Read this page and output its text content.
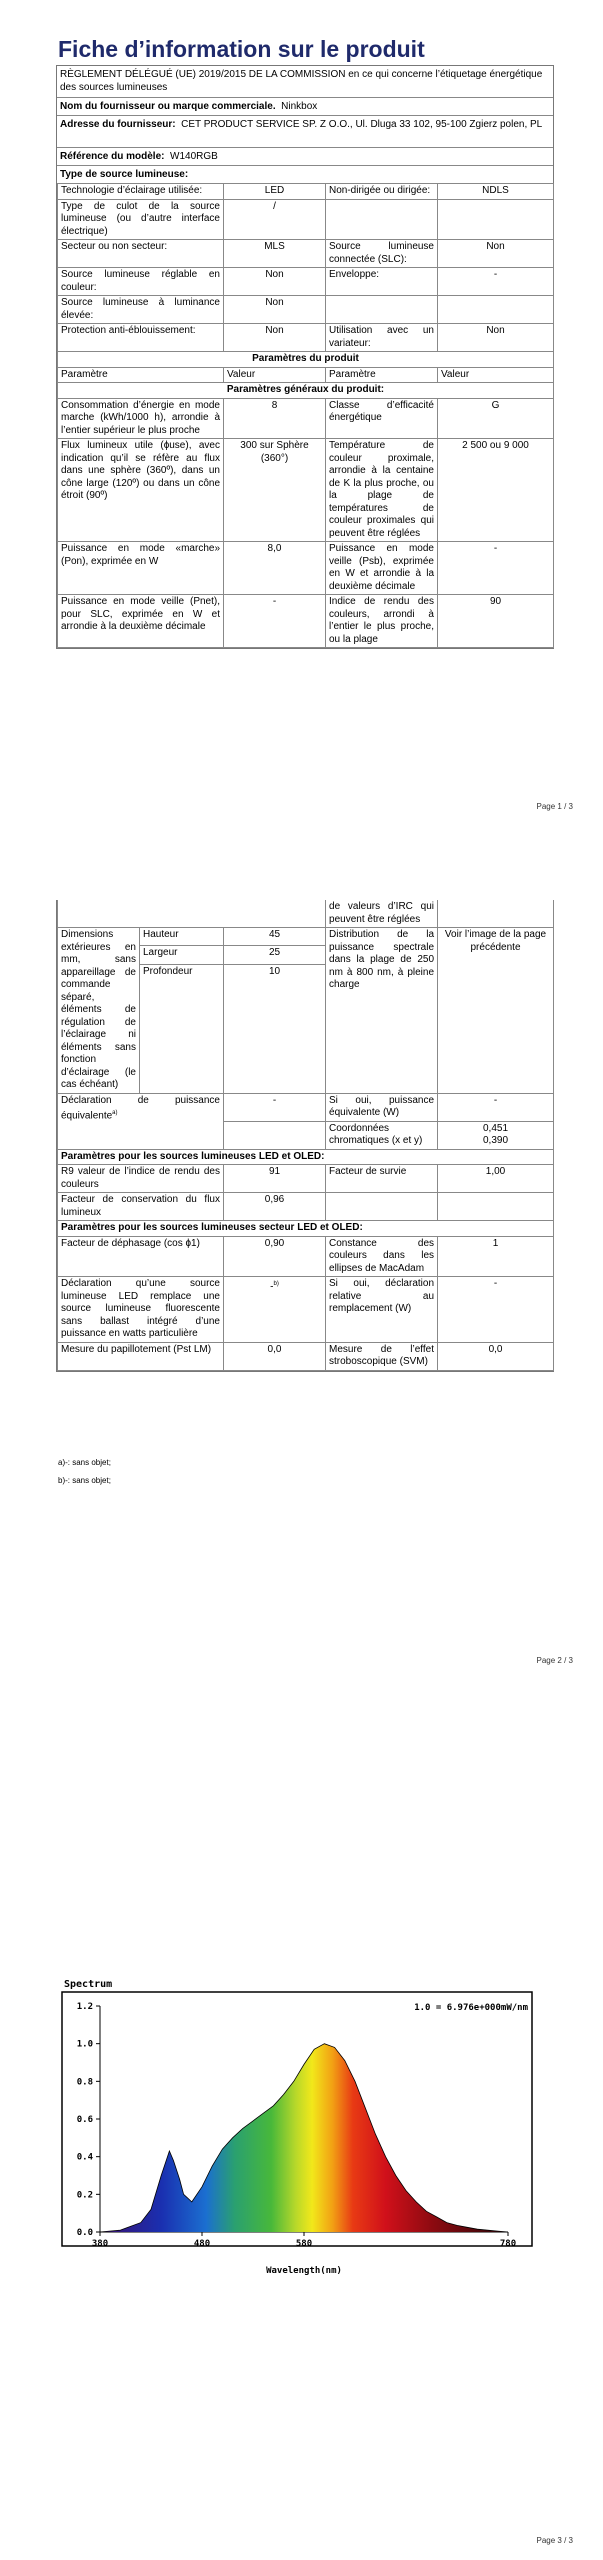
Fiche d’information sur le produit
RÈGLEMENT DÉLÉGUÉ (UE) 2019/2015 DE LA COMMISSION en ce qui concerne l’étiquetage énergétique des sources lumineuses
Nom du fournisseur ou marque commerciale. Ninkbox
Adresse du fournisseur: CET PRODUCT SERVICE SP. Z O.O., Ul. Dluga 33 102, 95-100 Zgierz polen, PL
Référence du modèle: W140RGB
Type de source lumineuse:
Technologie d’éclairage utilisée:	LED	Non-dirigée ou dirigée:	NDLS
Type de culot de la source lumineuse (ou d’autre interface électrique)	/		
Secteur ou non secteur:	MLS	Source lumineuse connectée (SLC):	Non
Source lumineuse réglable en couleur:	Non	Enveloppe:	-
Source lumineuse à luminance élevée:	Non		
Protection anti-éblouissement:	Non	Utilisation avec un variateur:	Non
Paramètres du produit			
Paramètre	Valeur	Paramètre	Valeur
Paramètres généraux du produit:			
Consommation d’énergie en mode marche (kWh/1000 h), arrondie à l’entier supérieur le plus proche	8	Classe d’efficacité énergétique	G
Flux lumineux utile (ɸuse), avec indication qu’il se réfère au flux dans une sphère (360º), dans un cône large (120º) ou dans un cône étroit (90º)	300 sur Sphère (360°)	Température de couleur proximale, arrondie à la centaine de K la plus proche, ou la plage de températures de couleur proximales qui peuvent être réglées	2 500 ou 9 000
Puissance en mode «marche» (Pon), exprimée en W	8,0	Puissance en mode veille (Psb), exprimée en W et arrondie à la deuxième décimale	-
Puissance en mode veille (Pnet), pour SLC, exprimée en W et arrondie à la deuxième décimale	-	Indice de rendu des couleurs, arrondi à l’entier le plus proche, ou la plage	90
Page 1 / 3
			de valeurs d’IRC qui peuvent être réglées	
Dimensions extérieures en mm, sans appareillage de commande séparé, éléments de régulation de l’éclairage ni éléments sans fonction d’éclairage (le cas échéant)	Hauteur	45	Distribution de la puissance spectrale dans la plage de 250 nm à 800 nm, à pleine charge	Voir l’image de la page précédente
	Largeur	25		
	Profondeur	10		
Déclaration de puissance équivalente$^{a)}$		-	Si oui, puissance équivalente (W)	-
			Coordonnées chromatiques (x et y)	0,451
0,390
Paramètres pour les sources lumineuses LED et OLED:				
R9 valeur de l’indice de rendu des couleurs		91	Facteur de survie	1,00
Facteur de conservation du flux lumineux		0,96		
Paramètres pour les sources lumineuses secteur LED et OLED:				
Facteur de déphasage (cos ɸ1)		0,90	Constance des couleurs dans les ellipses de MacAdam	1
Déclaration qu’une source lumineuse LED remplace une source lumineuse fluorescente sans ballast intégré d’une puissance en watts particulière		-$^{b)}$	Si oui, déclaration relative au remplacement (W)	-
Mesure du papillotement (Pst LM)		0,0	Mesure de l’effet stroboscopique (SVM)	0,0
a)-: sans objet;
b)-: sans objet;
Page 2 / 3
0.0
0.2
0.4
0.6
0.8
1.0
1.2
380	480	580	780
Spectrum
1.0 = 6.976e+000mW/nm
Wavelength(nm)
Page 3 / 3
